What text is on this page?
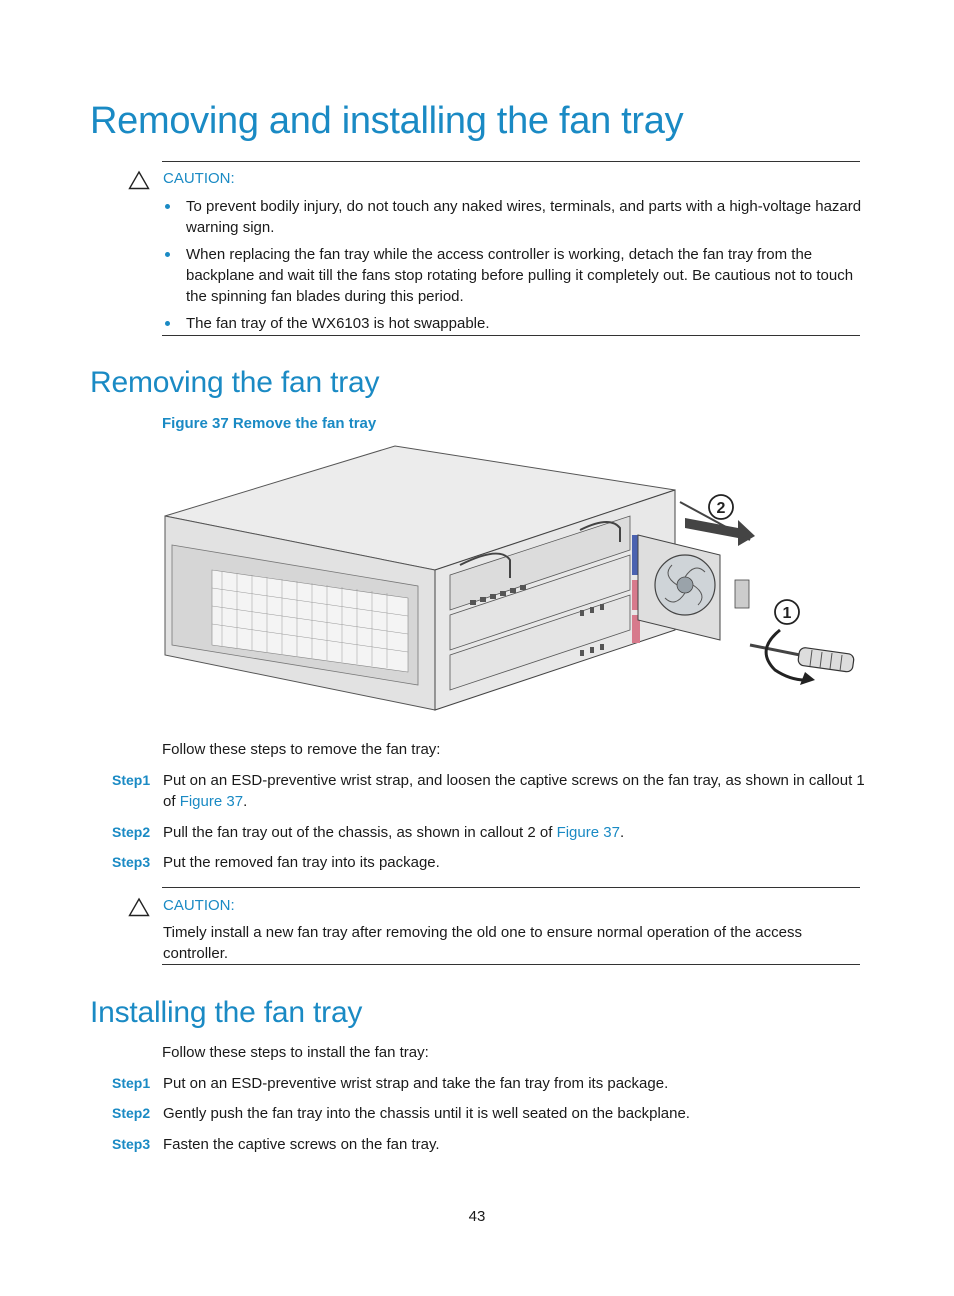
Removing and installing the fan tray
CAUTION:
To prevent bodily injury, do not touch any naked wires, terminals, and parts with a high-voltage hazard warning sign.
When replacing the fan tray while the access controller is working, detach the fan tray from the backplane and wait till the fans stop rotating before pulling it completely out. Be cautious not to touch the spinning fan blades during this period.
The fan tray of the WX6103 is hot swappable.
Removing the fan tray
Figure 37 Remove the fan tray
2
1
Follow these steps to remove the fan tray:
Step1 Put on an ESD-preventive wrist strap, and loosen the captive screws on the fan tray, as shown in callout 1 of Figure 37.
Step2 Pull the fan tray out of the chassis, as shown in callout 2 of Figure 37.
Step3 Put the removed fan tray into its package.
CAUTION:
Timely install a new fan tray after removing the old one to ensure normal operation of the access controller.
Installing the fan tray
Follow these steps to install the fan tray:
Step1 Put on an ESD-preventive wrist strap and take the fan tray from its package.
Step2 Gently push the fan tray into the chassis until it is well seated on the backplane.
Step3 Fasten the captive screws on the fan tray.
43
